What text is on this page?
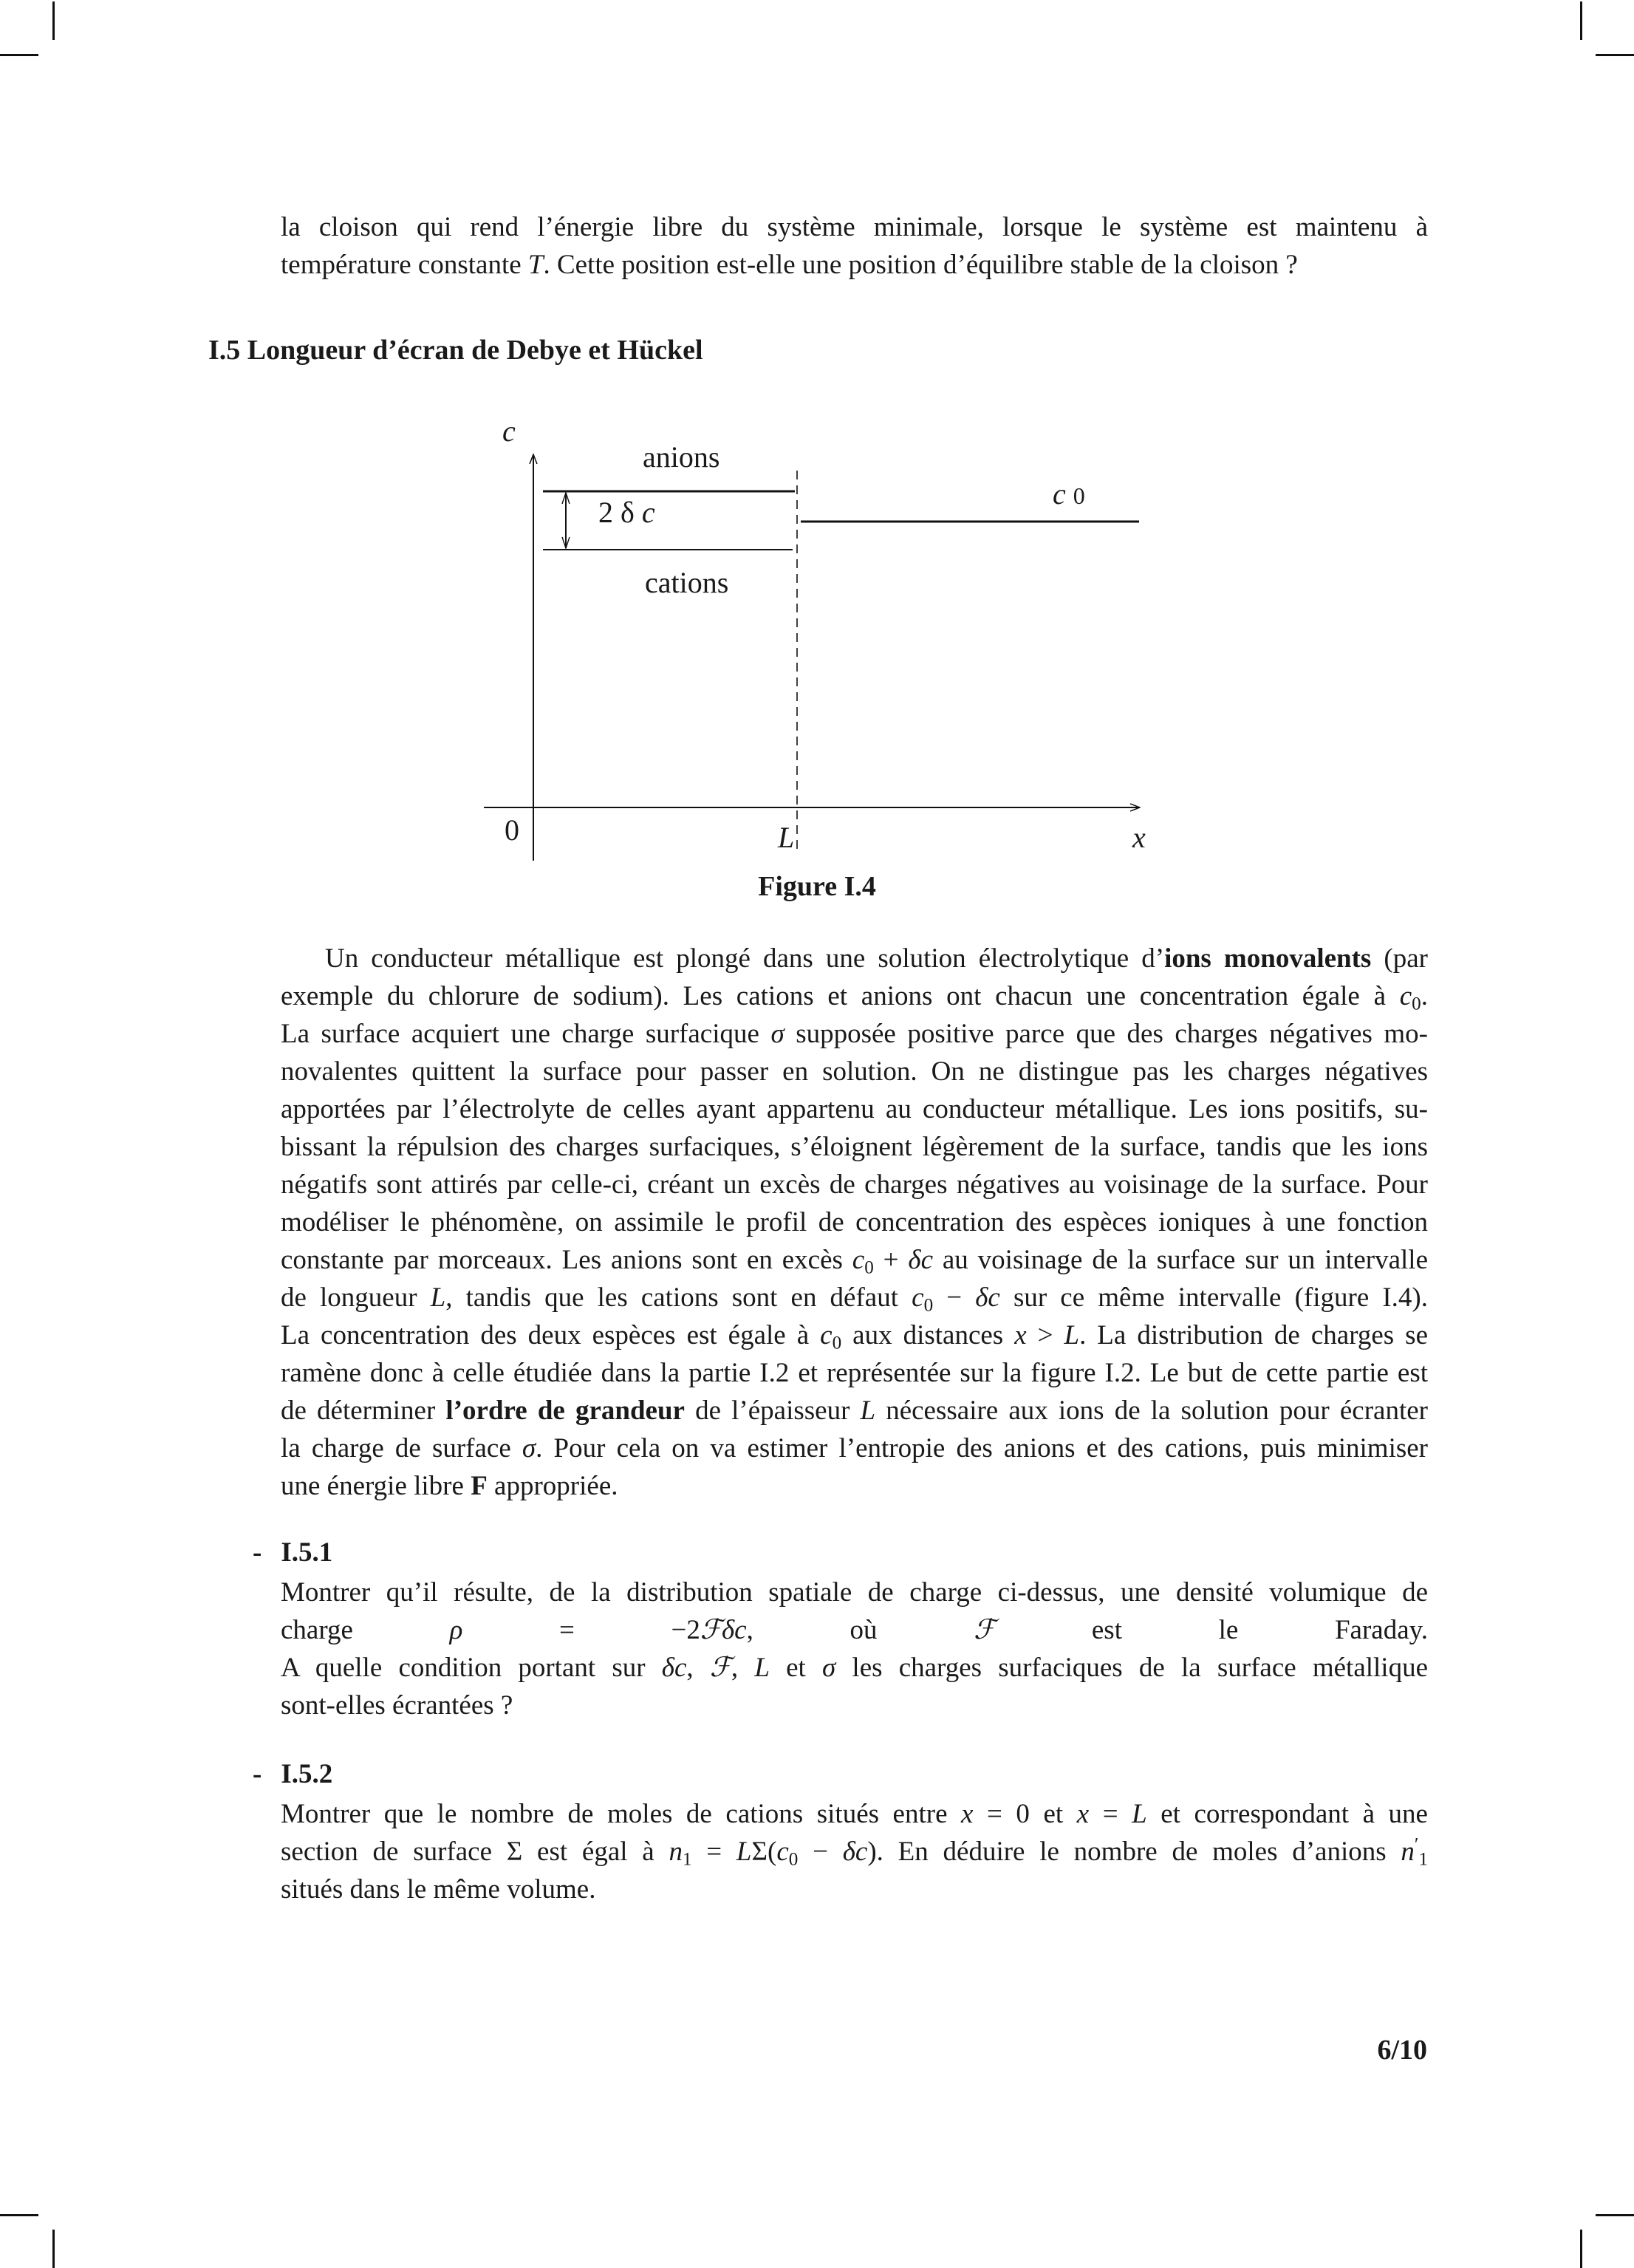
la cloison qui rend l’énergie libre du système minimale, lorsque le système est maintenu à
température constante T. Cette position est-elle une position d’équilibre stable de la cloison ?
I.5 Longueur d’écran de Debye et Hückel
c
anions
2 δ c
c 0
cations
0	L	x
Figure I.4
Un conducteur métallique est plongé dans une solution électrolytique d’ions monovalents (par
exemple du chlorure de sodium). Les cations et anions ont chacun une concentration égale à $c_0$.
La surface acquiert une charge surfacique σ supposée positive parce que des charges négatives mo-
novalentes quittent la surface pour passer en solution. On ne distingue pas les charges négatives
apportées par l’électrolyte de celles ayant appartenu au conducteur métallique. Les ions positifs, su-
bissant la répulsion des charges surfaciques, s’éloignent légèrement de la surface, tandis que les ions
négatifs sont attirés par celle-ci, créant un excès de charges négatives au voisinage de la surface. Pour
modéliser le phénomène, on assimile le profil de concentration des espèces ioniques à une fonction
constante par morceaux. Les anions sont en excès $c_0 + \delta c$ au voisinage de la surface sur un intervalle
de longueur L, tandis que les cations sont en défaut $c_0 - \delta c$ sur ce même intervalle (figure I.4).
La concentration des deux espèces est égale à $c_0$ aux distances x > L. La distribution de charges se
ramène donc à celle étudiée dans la partie I.2 et représentée sur la figure I.2. Le but de cette partie est
de déterminer l’ordre de grandeur de l’épaisseur L nécessaire aux ions de la solution pour écranter
la charge de surface σ. Pour cela on va estimer l’entropie des anions et des cations, puis minimiser
une énergie libre F appropriée.
- I.5.1
Montrer qu’il résulte, de la distribution spatiale de charge ci-dessus, une densité volumique de
charge ρ = −2ℱδc, où ℱ est le Faraday.
A quelle condition portant sur δc, ℱ, L et σ les charges surfaciques de la surface métallique
sont-elles écrantées ?
- I.5.2
Montrer que le nombre de moles de cations situés entre x = 0 et x = L et correspondant à une
section de surface Σ est égal à $n_1 = L\Sigma(c_0 - \delta c)$. En déduire le nombre de moles d’anions $n'_1$
situés dans le même volume.
6/10
